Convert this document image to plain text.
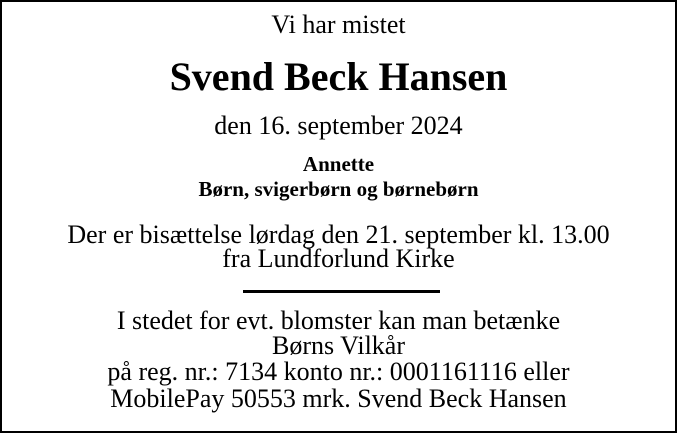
Vi har mistet
Svend Beck Hansen
den 16. september 2024
Annette
Børn, svigerbørn og børnebørn
Der er bisættelse lørdag den 21. september kl. 13.00
fra Lundforlund Kirke
I stedet for evt. blomster kan man betænke
Børns Vilkår
på reg. nr.: 7134 konto nr.: 0001161116 eller
MobilePay 50553 mrk. Svend Beck Hansen
